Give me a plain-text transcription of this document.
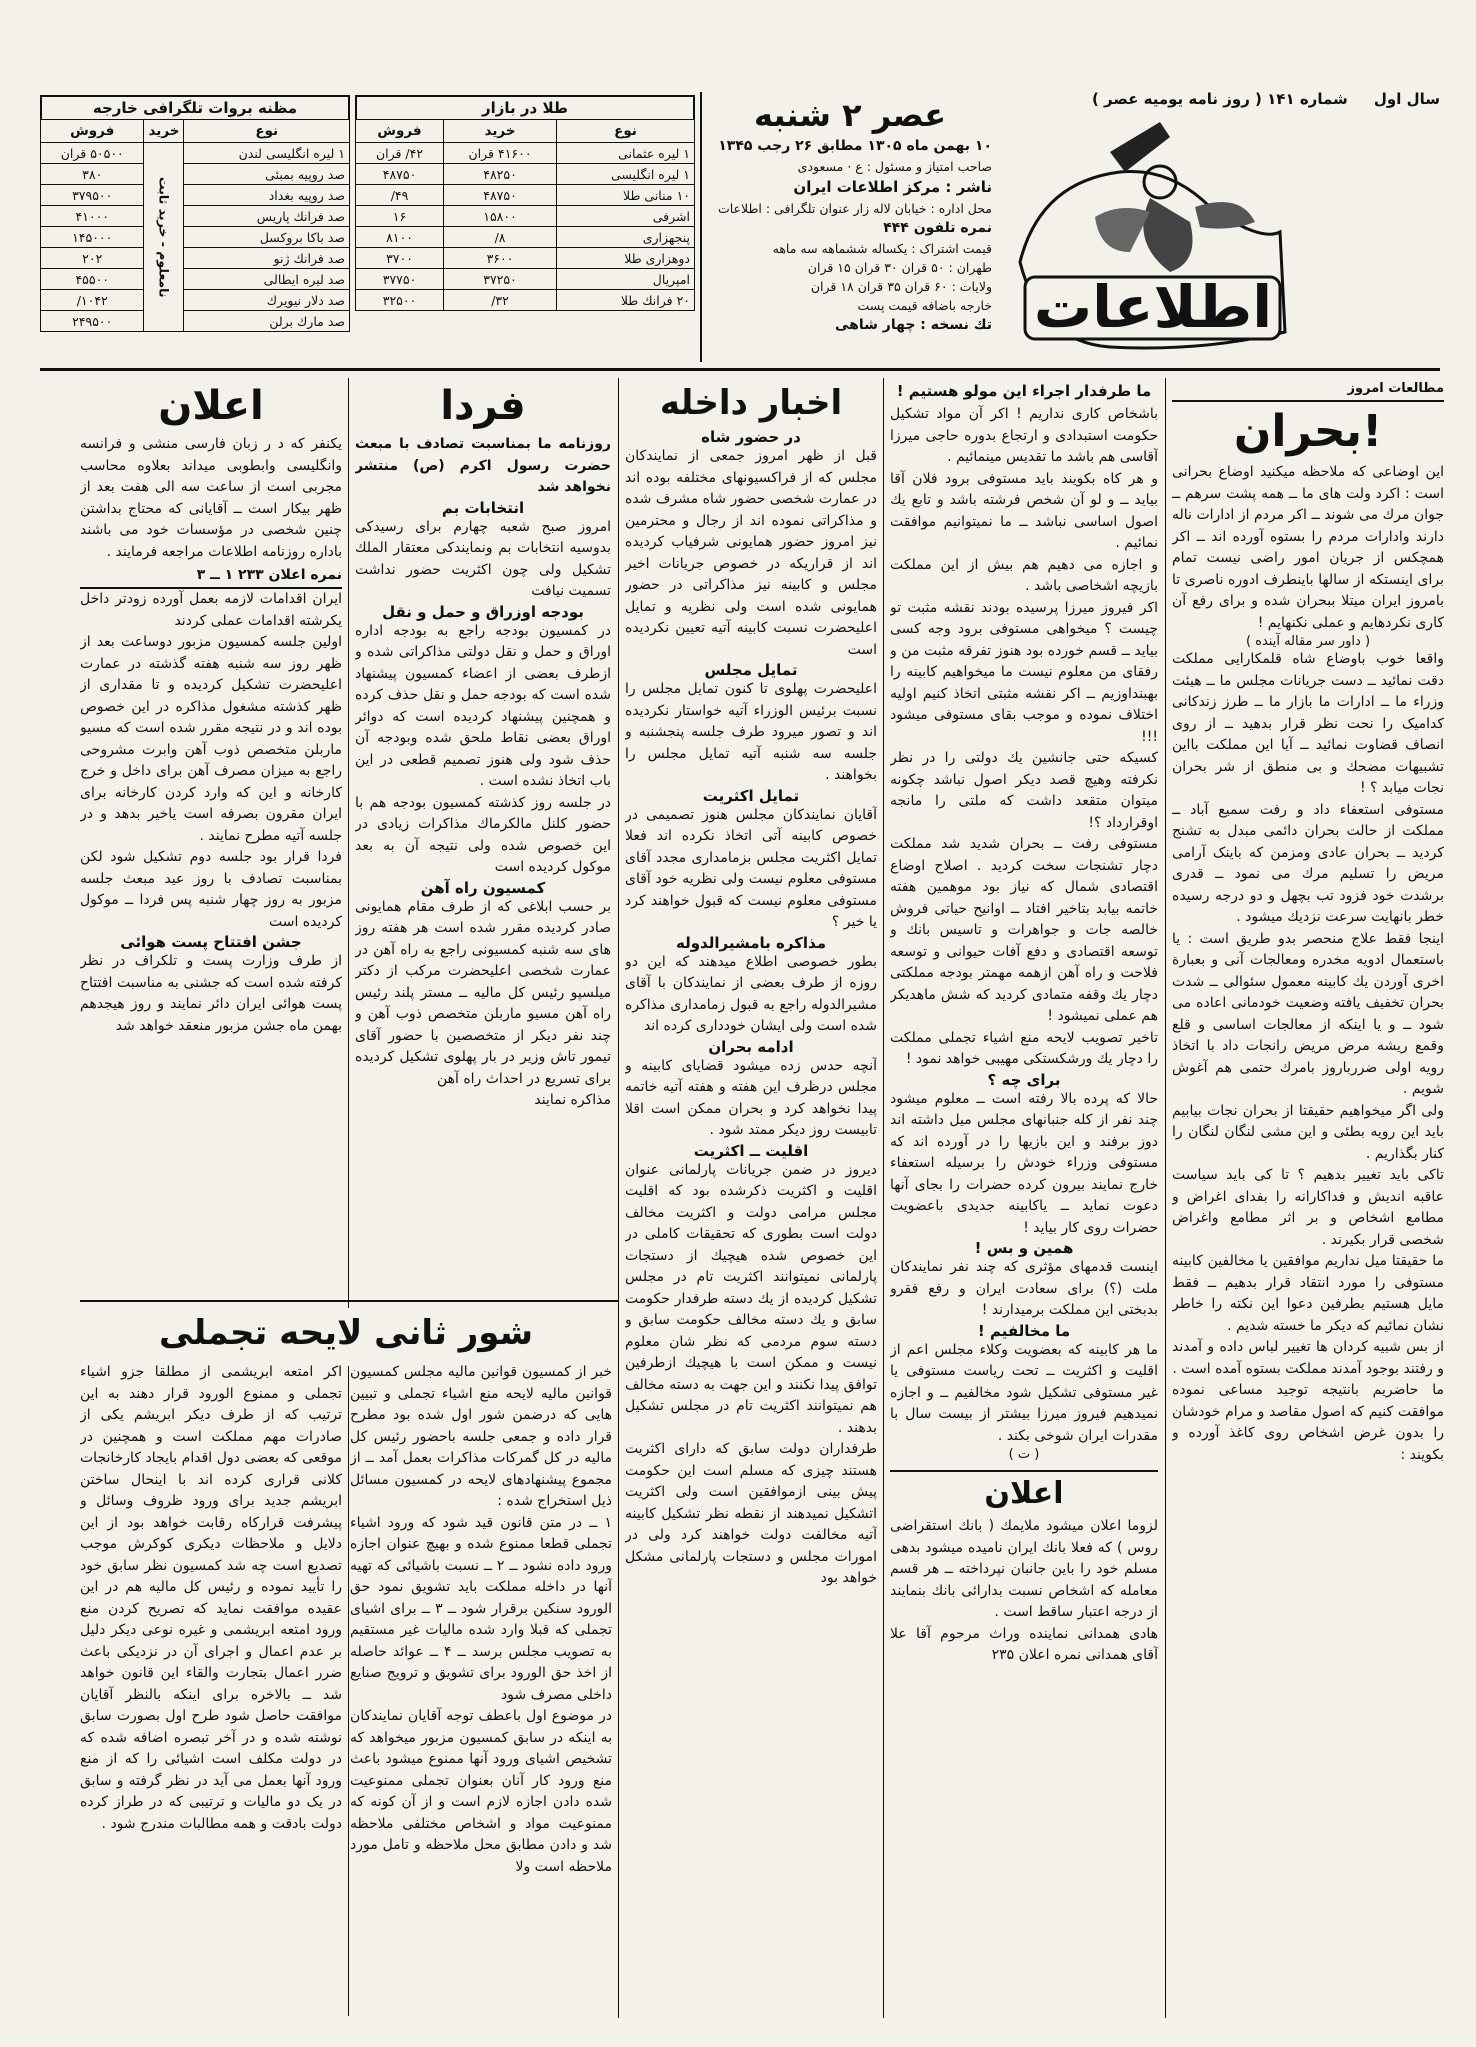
سال اول     شماره ۱۴۱ ( روز نامه یومیه عصر )
اطلاعات
عصر ۲ شنبه
۱۰ بهمن ماه ۱۳۰۵ مطابق ۲۶ رجب ۱۳۴۵
صاحب امتیاز و مسئول : ع · مسعودی
ناشر : مرکز اطلاعات ایران
محل اداره : خیابان لاله زار عنوان تلگرافی : اطلاعات
نمره تلفون ۴۴۴
قیمت اشتراک : یکساله ششماهه سه ماهه
طهران : ۵۰ قران ۳۰ قران ۱۵ قران
ولایات : ۶۰ قران ۳۵ قران ۱۸ قران
خارجه باضافه قیمت پست
تك نسخه : چهار شاهی
طلا در بازار
نوع	خرید	فروش
۱ لیره عثمانی	۴۱۶۰۰ قران	۴۲/ قران
۱ لیره انگلیسی	۴۸۲۵۰	۴۸۷۵۰
۱۰ منانی طلا	۴۸۷۵۰	۴۹/
اشرفی	۱۵۸۰۰	۱۶
پنجهزاری	۸/	۸۱۰۰
دوهزاری طلا	۳۶۰۰	۳۷۰۰
امپریال	۳۷۲۵۰	۳۷۷۵۰
۲۰ فرانك طلا	۳۲/	۳۲۵۰۰
مظنه بروات تلگرافی خارجه
نوع	خرید	فروش
۱ لیره انگلیسی لندن	نامعلوم - خرید ثابت	۵۰۵۰۰ قران
صد روپیه بمبئی		۳۸۰
صد روپیه بغداد		۳۷۹۵۰۰
صد فرانك پاریس		۴۱۰۰۰
صد باکا بروکسل		۱۴۵۰۰۰
صد فرانك ژنو		۲۰۲
صد لیره ایطالی		۴۵۵۰۰
صد دلار نیویرك		۱۰۴۲/
صد مارك برلن		۲۴۹۵۰۰
مطالعات امروز
بحران!
این اوضاعی که ملاحظه میکنید اوضاع بحرانی است : اکرد ولت های ما ــ همه پشت سرهم ــ جوان مرك می شوند ــ اکر مردم از ادارات ناله دارند وادارات مردم را بستوه آورده اند ــ اکر همچکس از جریان امور راضی نیست تمام برای اینستکه از سالها باینطرف ادوره ناصری تا بامروز ایران میتلا ببحران شده و برای رفع آن کاری نکردهایم و عملی نکنهایم !
( داور سر مقاله آینده )
واقعا خوب باوضاع شاه قلمکارایی مملکت دقت نمائید ــ دست جریانات مجلس ما ــ هیئت وزراء ما ــ ادارات ما بازار ما ــ طرز زندکانی کدامیک را نحت نظر قرار بدهید ــ از روی انصاف قضاوت نمائید ــ آیا این مملکت بااین تشبیهات مضحك و بی منطق از شر بحران نجات میابد ؟ !
مستوفی استعفاء داد و رفت سمیع آباد ــ مملکت از حالت بحران دائمی مبدل به تشنج کردید ــ بحران عادی ومزمن که باینک آرامی مریض را تسلیم مرك می نمود ــ قدری برشدت خود فزود تب بچهل و دو درجه رسیده خطر بانهایت سرعت نزدیك میشود .
اینجا فقط علاج منحصر بدو طریق است : یا باستعمال ادویه مخدره ومعالجات آنی و بعبارة اخری آوردن یك کابینه معمول سئوالی ــ شدت بحران تخفیف یافته وضعیت خودمانی اعاده می شود ــ و یا اینکه از معالجات اساسی و قلع وقمع ریشه مرض مریض رانجات داد با اتخاذ رویه اولی ضررباروز بامرك حتمی هم آغوش شویم .
ولی اگر میخواهیم حقیقتا از بحران نجات بیابیم باید این رویه بطئی و این مشی لنگان لنگان را کنار بگذاریم .
تاکی باید تغییر بدهیم ؟ تا کی باید سیاست عاقبه اندیش و فداکارانه را بفدای اغراض و مطامع اشخاص و بر اثر مطامع واغراض شخصی قرار بکیرند .
ما حقیقتا میل نداریم موافقین یا مخالفین کابینه مستوفی را مورد انتقاد قرار بدهیم ــ فقط مایل هستیم بطرفین دعوا این نکته را خاطر نشان نمائیم که دیکر ما خسته شدیم .
از بس شبیه کردان ها تغییر لباس داده و آمدند و رفتند بوجود آمدند مملکت بستوه آمده است .
ما حاضریم بانتیجه توجید مساعی نموده موافقت کنیم که اصول مقاصد و مرام خودشان را بدون غرض اشخاص روی کاغذ آورده و بکویند :
ما طرفدار اجراء این مولو هستیم !
باشخاص کاری نداریم ! اکر آن مواد تشکیل حکومت استبدادی و ارتجاع بدوره حاجی میرزا آقاسی هم باشد ما تقدیس مینمائیم .
و هر کاه بکویند باید مستوفی برود فلان آقا بیاید ــ و لو آن شخص فرشته باشد و تابع یك اصول اساسی نباشد ــ ما نمیتوانیم موافقت نمائیم .
و اجازه می دهیم هم بیش از این مملکت بازیچه اشخاصی باشد .
اکر فیروز میرزا پرسیده بودند نقشه مثبت تو چیست ؟ میخواهی مستوفی برود وجه کسی بیاید ــ قسم خورده بود هنوز تفرقه مثبت من و رفقای من معلوم نیست ما میخواهیم کابینه را بهبنداوزیم ــ اکر نقشه مثبتی اتخاذ کنیم اولیه اختلاف نموده و موجب بقای مستوفی میشود !!!
کسیکه حتی جانشین یك دولتی را در نظر نکرفته وهیچ قصد دیکر اصول نباشد چکونه میتوان متقعد داشت که ملتی را مانجه اوقرارداد ؟!
مستوفی رفت ــ بحران شدید شد مملکت دچار تشنجات سخت کردید . اصلاح اوضاع اقتصادی شمال که نیاز بود موهمین هفته خاتمه بیابد بتاخیر افتاد ــ اوانیح حیاتی فروش خالصه جات و جواهرات و تاسیس بانك و توسعه اقتصادی و دفع آفات حیوانی و توسعه فلاحت و راه آهن ازهمه مهمتر بودجه مملکتی دچار یك وقفه متمادی کردید که شش ماهدیکر هم عملی نمیشود !
تاخیر تصویب لایحه منع اشیاء تجملی مملکت را دچار یك ورشکستکی مهیبی خواهد نمود !
برای چه ؟
حالا که پرده بالا رفته است ــ معلوم میشود چند نفر از کله جنبانهای مجلس میل داشته اند دوز برفند و این بازیها را در آورده اند که مستوفی وزراء خودش را برسیله استعفاء خارج نمایند بیرون کرده حضرات را بجای آنها دعوت نماید ــ یاکابینه جدیدی باعضویت حضرات روی کار بیاید !
همین و بس !
اینست قدمهای مؤثری که چند نفر نمایندکان ملت (؟) برای سعادت ایران و رفع فقرو بدبختی این مملکت برمیدارند !
ما مخالفیم !
ما هر کابینه که بعضویت وکلاء مجلس اعم از اقلیت و اکثریت ــ تحت ریاست مستوفی یا غیر مستوفی تشکیل شود مخالفیم ــ و اجازه نمیدهیم فیروز میرزا بیشتر از بیست سال با مقدرات ایران شوخی بکند .
( ت )
اعلان
لزوما اعلان میشود ملایمك ( بانك استقراضی روس ) که فعلا بانك ایران نامیده میشود بدهی مسلم خود را باین جانبان نپرداخته ــ هر قسم معامله که اشخاص نسبت بدارائی بانك بنمایند از درجه اعتبار ساقط است .
هادی همدانی نماینده وراث مرحوم آقا علا آقای همدانی نمره اعلان ۲۳۵
اخبار داخله
در حضور شاه
قبل از ظهر امروز جمعی از نمایندکان مجلس که از فراکسیونهای مختلفه بوده اند در عمارت شخصی حضور شاه مشرف شده و مذاکراتی نموده اند از رجال و محترمین نیز امروز حضور همایونی شرفیاب کردیده اند از قراریکه در خصوص جریانات اخیر مجلس و کابینه نیز مذاکراتی در حضور همایونی شده است ولی نظریه و تمایل اعلیحضرت نسبت کابینه آتیه تعیین نکردیده است
تمایل مجلس
اعلیحضرت پهلوی تا کنون تمایل مجلس را نسبت برئیس الوزراء آتیه خواستار نکردیده اند و تصور میرود طرف جلسه پنجشنبه و جلسه سه شنبه آتیه تمایل مجلس را بخواهند .
تمایل اکثریت
آقایان نمایندکان مجلس هنوز تصمیمی در خصوص کابینه آتی اتخاذ نکرده اند فعلا تمایل اکثریت مجلس بزمامداری مجدد آقای مستوفی معلوم نیست ولی نظریه خود آقای مستوفی معلوم نیست که قبول خواهند کرد یا خیر ؟
مذاکره بامشیرالدوله
بطور خصوصی اطلاع میدهند که این دو روزه از طرف بعضی از نمایندکان با آقای مشیرالدوله راجع به قبول زمامداری مذاکره شده است ولی ایشان خودداری کرده اند
ادامه بحران
آنچه حدس زده میشود قضایای کابینه و مجلس درظرف این هفته و هفته آتیه خاتمه پیدا نخواهد کرد و بحران ممکن است اقلا تابیست روز دیکر ممتد شود .
اقلیت ــ اکثریت
دیروز در ضمن جریانات پارلمانی عنوان اقلیت و اکثریت ذکرشده بود که اقلیت مجلس مرامی دولت و اکثریت مخالف دولت است بطوری که تحقیقات کاملی در این خصوص شده هیچیك از دستجات پارلمانی نمیتوانند اکثریت تام در مجلس تشکیل کردیده از یك دسته طرفدار حکومت سابق و یك دسته مخالف حکومت سابق و دسته سوم مردمی که نظر شان معلوم نیست و ممکن است با هیچیك ازطرفین توافق پیدا نکنند و این جهت به دسته مخالف هم نمیتوانند اکثریت تام در مجلس تشکیل بدهند .
طرفداران دولت سابق که دارای اکثریت هستند چیزی که مسلم است این حکومت پیش بینی ازموافقین است ولی اکثریت اتشکیل نمیدهند از نقطه نظر تشکیل کابینه آتیه مخالفت دولت خواهند کرد ولی در امورات مجلس و دستجات پارلمانی مشکل خواهد بود
فردا
روزنامه ما بمناسبت تصادف با مبعث حضرت رسول اکرم (ص) منتشر نخواهد شد
انتخابات بم
امروز صبح شعبه چهارم برای رسیدکی بدوسیه انتخابات بم ونمایندکی معتقار الملك تشکیل ولی چون اکثریت حضور نداشت تسمیت نیافت
بودجه اوزراق و حمل و نقل
در کمسیون بودجه راجع به بودجه اداره اوراق و حمل و نقل دولتی مذاکراتی شده و ازطرف بعضی از اعضاء کمسیون پیشنهاد شده است که بودجه حمل و نقل حذف کرده و همچنین پیشنهاد کردیده است که دوائر اوراق بعضی نقاط ملحق شده وبودجه آن حذف شود ولی هنوز تصمیم قطعی در این باب اتخاذ نشده است .
در جلسه روز کذشته کمسیون بودجه هم با حضور کلنل مالکرماك مذاکرات زیادی در این خصوص شده ولی نتیجه آن به بعد موکول کردیده است
کمسیون راه آهن
بر حسب ابلاغی که از طرف مقام همایونی صادر کردیده مقرر شده است هر هفته روز های سه شنبه کمسیونی راجع به راه آهن در عمارت شخصی اعلیحضرت مرکب از دکتر میلسپو رئیس کل مالیه ــ مستر پلند رئیس راه آهن مسیو ماربلن متخصص ذوب آهن و چند نفر دیکر از متخصصین با حضور آقای تیمور تاش وزیر در بار پهلوی تشکیل کردیده برای تسریع در احداث راه آهن
مذاکره نمایند
اعلان
یکنفر که د ر زبان فارسی منشی و فرانسه وانگلیسی وابطوبی میداند بعلاوه محاسب مجربی است از ساعت سه الی هفت بعد از ظهر بیکار است ــ آقایانی که محتاج بداشتن چنین شخصی در مؤسسات خود می باشند باداره روزنامه اطلاعات مراجعه فرمایند .
نمره اعلان ۲۳۳ ۱ ــ ۳
ایران اقدامات لازمه بعمل آورده زودتر داخل یکرشته اقدامات عملی کردند
اولین جلسه کمسیون مزبور دوساعت بعد از ظهر روز سه شنبه هفته گذشته در عمارت اعلیحضرت تشکیل کردیده و تا مقداری از ظهر کذشته مشغول مذاکره در این خصوص بوده اند و در نتیجه مقرر شده است که مسیو ماربلن متخصص ذوب آهن وابرت مشروحی راجع به میزان مصرف آهن برای داخل و خرج کارخانه و این که وارد کردن کارخانه برای ایران مقرون بصرفه است یاخیر بدهد و در جلسه آتیه مطرح نمایند .
فردا قرار بود جلسه دوم تشکیل شود لکن بمناسبت تصادف با روز عید مبعث جلسه مزبور به روز چهار شنبه پس فردا ــ موکول کردیده است
جشن افتتاح پست هوائی
از طرف وزارت پست و تلکراف در نظر کرفته شده است که جشنی به مناسبت افتتاح پست هوائی ایران دائر نمایند و روز هیجدهم بهمن ماه جشن مزبور منعقد خواهد شد
شور ثانی لایحه تجملی
خبر از کمسیون قوانین مالیه مجلس کمسیون قوانین مالیه لایحه منع اشیاء تجملی و تبیین هایی که درضمن شور اول شده بود مطرح قرار داده و جمعی جلسه باحضور رئیس کل مالیه در کل گمرکات مذاکرات بعمل آمد ــ از مجموع پیشنهادهای لایحه در کمسیون مسائل ذیل استخراج شده :
۱ ــ در متن قانون قید شود که ورود اشیاء تجملی قطعا ممنوع شده و بهیچ عنوان اجازه ورود داده نشود ــ ۲ ــ نسبت باشیائی که تهیه آنها در داخله مملکت باید تشویق نمود حق الورود سنکین برقرار شود ــ ۳ ــ برای اشیای تجملی که قبلا وارد شده مالیات غیر مستقیم به تصویب مجلس برسد ــ ۴ ــ عوائد حاصله از اخذ حق الورود برای تشویق و ترویج صنایع داخلی مصرف شود
در موضوع اول باعطف توجه آقایان نمایندکان به اینکه در سابق کمسیون مزبور میخواهد که تشخیص اشیای ورود آنها ممنوع میشود باعث منع ورود کار آنان بعنوان تجملی ممنوعیت شده دادن اجازه لازم است و از آن کونه که ممنوعیت مواد و اشخاص مختلفی ملاحظه شد و دادن مطابق محل ملاحظه و تامل مورد ملاحظه است ولا
اکر امتعه ابریشمی از مطلقا جزو اشیاء تجملی و ممنوع الورود قرار دهند به این ترتیب که از طرف دیکر ابریشم یکی از صادرات مهم مملکت است و همچنین در موقعی که بعضی دول اقدام بایجاد کارخانجات کلانی قراری کرده اند با اینحال ساختن ابریشم جدید برای ورود ظروف وسائل و پیشرفت قرارکاه رقابت خواهد بود از این دلایل و ملاحظات دیکری کوکرش موجب تصدیع است چه شد کمسیون نظر سابق خود را تأیید نموده و رئیس کل مالیه هم در این عقیده موافقت نماید که تصریح کردن منع ورود امتعه ابریشمی و غیره نوعی دیکر دلیل بر عدم اعمال و اجرای آن در نزدیکی باعث ضرر اعمال بتجارت والقاء این قانون خواهد شد ــ بالاخره برای اینکه بالنظر آقایان موافقت حاصل شود طرح اول بصورت سابق نوشته شده و در آخر تبصره اضافه شده که در دولت مکلف است اشیائی را که از منع ورود آنها بعمل می آید در نظر گرفته و سابق در یک دو مالیات و ترتیبی که در طراز کرده دولت بادقت و همه مطالبات مندرج شود .
